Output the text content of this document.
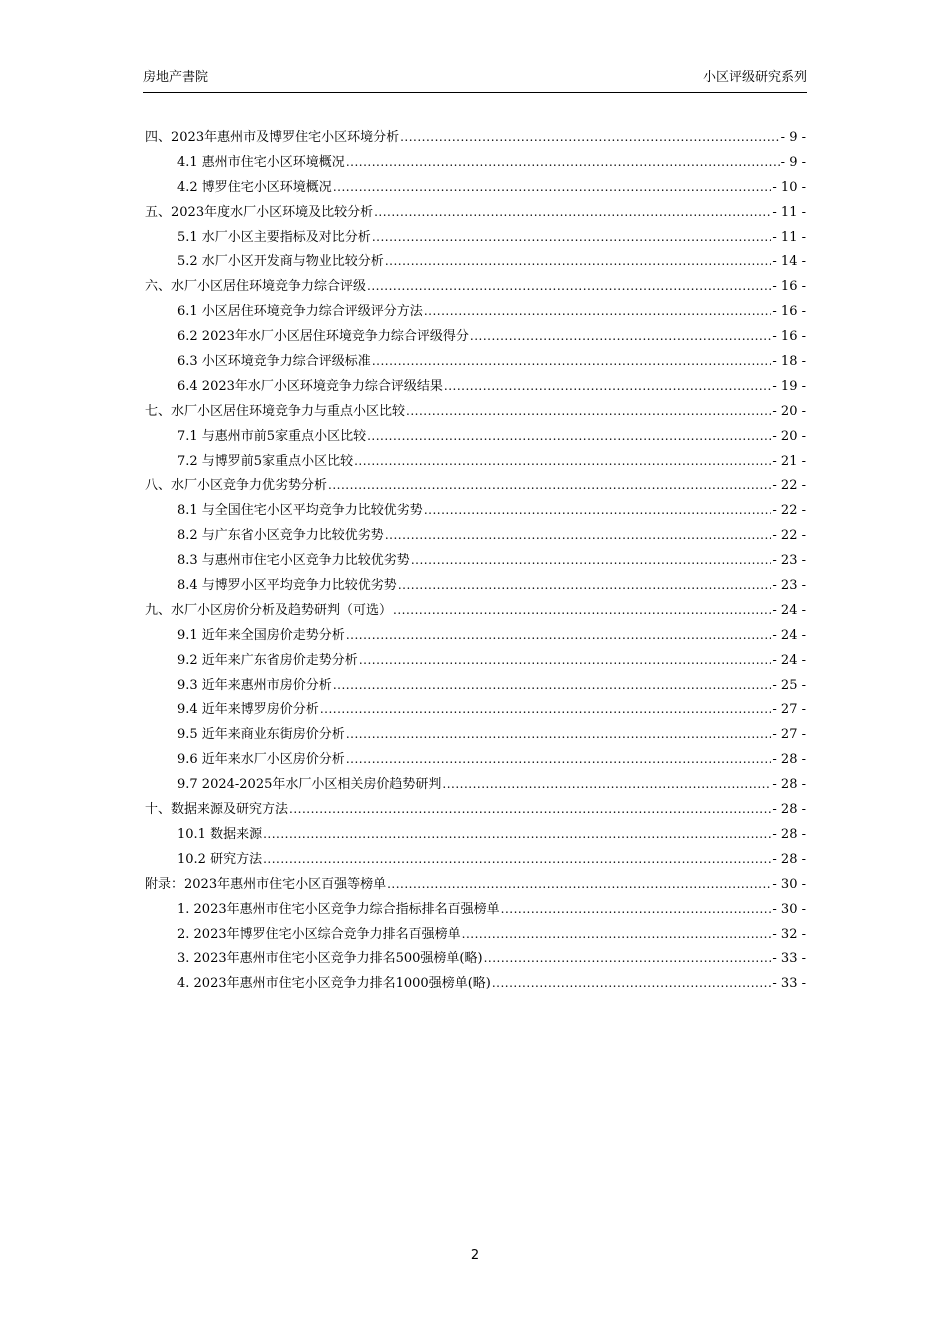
房地产書院	小区评级研究系列
四、2023年惠州市及博罗住宅小区环境分析 .....	- 9 -
4.1 惠州市住宅小区环境概况 .....	- 9 -
4.2 博罗住宅小区环境概况 .....	- 10 -
五、2023年度水厂小区环境及比较分析 .....	- 11 -
5.1 水厂小区主要指标及对比分析 .....	- 11 -
5.2 水厂小区开发商与物业比较分析 .....	- 14 -
六、水厂小区居住环境竞争力综合评级 .....	- 16 -
6.1 小区居住环境竞争力综合评级评分方法 .....	- 16 -
6.2 2023年水厂小区居住环境竞争力综合评级得分 .....	- 16 -
6.3 小区环境竞争力综合评级标准 .....	- 18 -
6.4 2023年水厂小区环境竞争力综合评级结果 .....	- 19 -
七、水厂小区居住环境竞争力与重点小区比较 .....	- 20 -
7.1 与惠州市前5家重点小区比较 .....	- 20 -
7.2 与博罗前5家重点小区比较 .....	- 21 -
八、水厂小区竞争力优劣势分析 .....	- 22 -
8.1 与全国住宅小区平均竞争力比较优劣势 .....	- 22 -
8.2 与广东省小区竞争力比较优劣势 .....	- 22 -
8.3 与惠州市住宅小区竞争力比较优劣势 .....	- 23 -
8.4 与博罗小区平均竞争力比较优劣势 .....	- 23 -
九、水厂小区房价分析及趋势研判（可选） .....	- 24 -
9.1 近年来全国房价走势分析 .....	- 24 -
9.2 近年来广东省房价走势分析 .....	- 24 -
9.3 近年来惠州市房价分析 .....	- 25 -
9.4 近年来博罗房价分析 .....	- 27 -
9.5 近年来商业东街房价分析 .....	- 27 -
9.6 近年来水厂小区房价分析 .....	- 28 -
9.7 2024-2025年水厂小区相关房价趋势研判 .....	- 28 -
十、数据来源及研究方法 .....	- 28 -
10.1 数据来源 .....	- 28 -
10.2 研究方法 .....	- 28 -
附录：2023年惠州市住宅小区百强等榜单 .....	- 30 -
1. 2023年惠州市住宅小区竞争力综合指标排名百强榜单 .....	- 30 -
2. 2023年博罗住宅小区综合竞争力排名百强榜单 .....	- 32 -
3. 2023年惠州市住宅小区竞争力排名500强榜单(略) .....	- 33 -
4. 2023年惠州市住宅小区竞争力排名1000强榜单(略) .....	- 33 -
2
